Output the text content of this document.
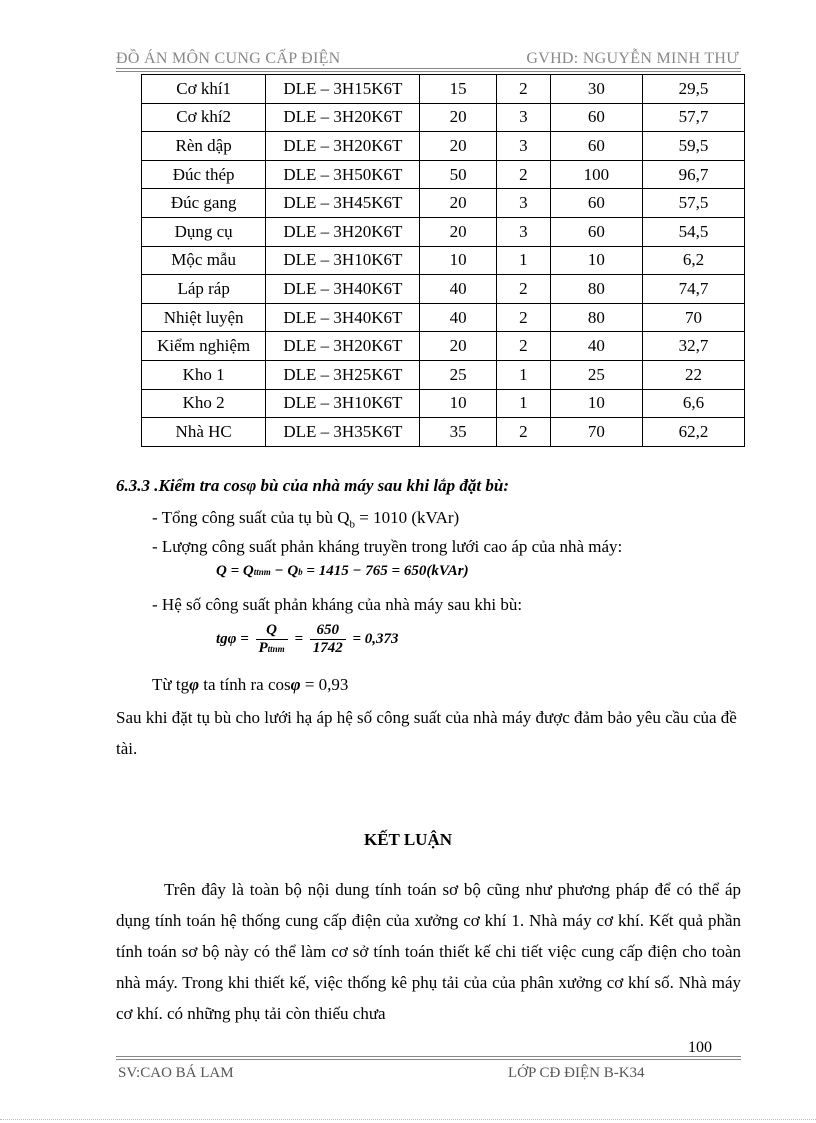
ĐỒ ÁN MÔN CUNG CẤP ĐIỆN	GVHD: NGUYỄN MINH THƯ
Cơ khí1	DLE – 3H15K6T	15	2	30	29,5
Cơ khí2	DLE – 3H20K6T	20	3	60	57,7
Rèn dập	DLE – 3H20K6T	20	3	60	59,5
Đúc thép	DLE – 3H50K6T	50	2	100	96,7
Đúc gang	DLE – 3H45K6T	20	3	60	57,5
Dụng cụ	DLE – 3H20K6T	20	3	60	54,5
Mộc mẫu	DLE – 3H10K6T	10	1	10	6,2
Láp ráp	DLE – 3H40K6T	40	2	80	74,7
Nhiệt luyện	DLE – 3H40K6T	40	2	80	70
Kiểm nghiệm	DLE – 3H20K6T	20	2	40	32,7
Kho 1	DLE – 3H25K6T	25	1	25	22
Kho 2	DLE – 3H10K6T	10	1	10	6,6
Nhà HC	DLE – 3H35K6T	35	2	70	62,2
6.3.3 .Kiểm tra cosφ bù của nhà máy sau khi lắp đặt bù:
- Tổng công suất của tụ bù $Q_b = 1010$ (kVAr)
- Lượng công suất phản kháng truyền trong lưới cao áp của nhà máy:
Q = Qttnm − Qb = 1415 − 765 = 650(kVAr)
- Hệ số công suất phản kháng của nhà máy sau khi bù:
$tg\varphi = \frac{Q}{\text{Pttnm}} = \frac{650}{1742} = 0,373$
Từ tgφ ta tính ra cosφ = 0,93
Sau khi đặt tụ bù cho lưới hạ áp hệ số công suất của nhà máy được đảm bảo yêu cầu của đề tài.
KẾT LUẬN
Trên đây là toàn bộ nội dung tính toán sơ bộ cũng như phương pháp để có thể áp dụng tính toán hệ thống cung cấp điện của xưởng cơ khí 1. Nhà máy cơ khí. Kết quả phần tính toán sơ bộ này có thể làm cơ sở tính toán thiết kế chi tiết việc cung cấp điện cho toàn nhà máy. Trong khi thiết kế, việc thống kê phụ tải của của phân xưởng cơ khí số. Nhà máy cơ khí. có những phụ tải còn thiếu chưa
100
SV:CAO BÁ LAM	LỚP CĐ ĐIỆN B-K34
